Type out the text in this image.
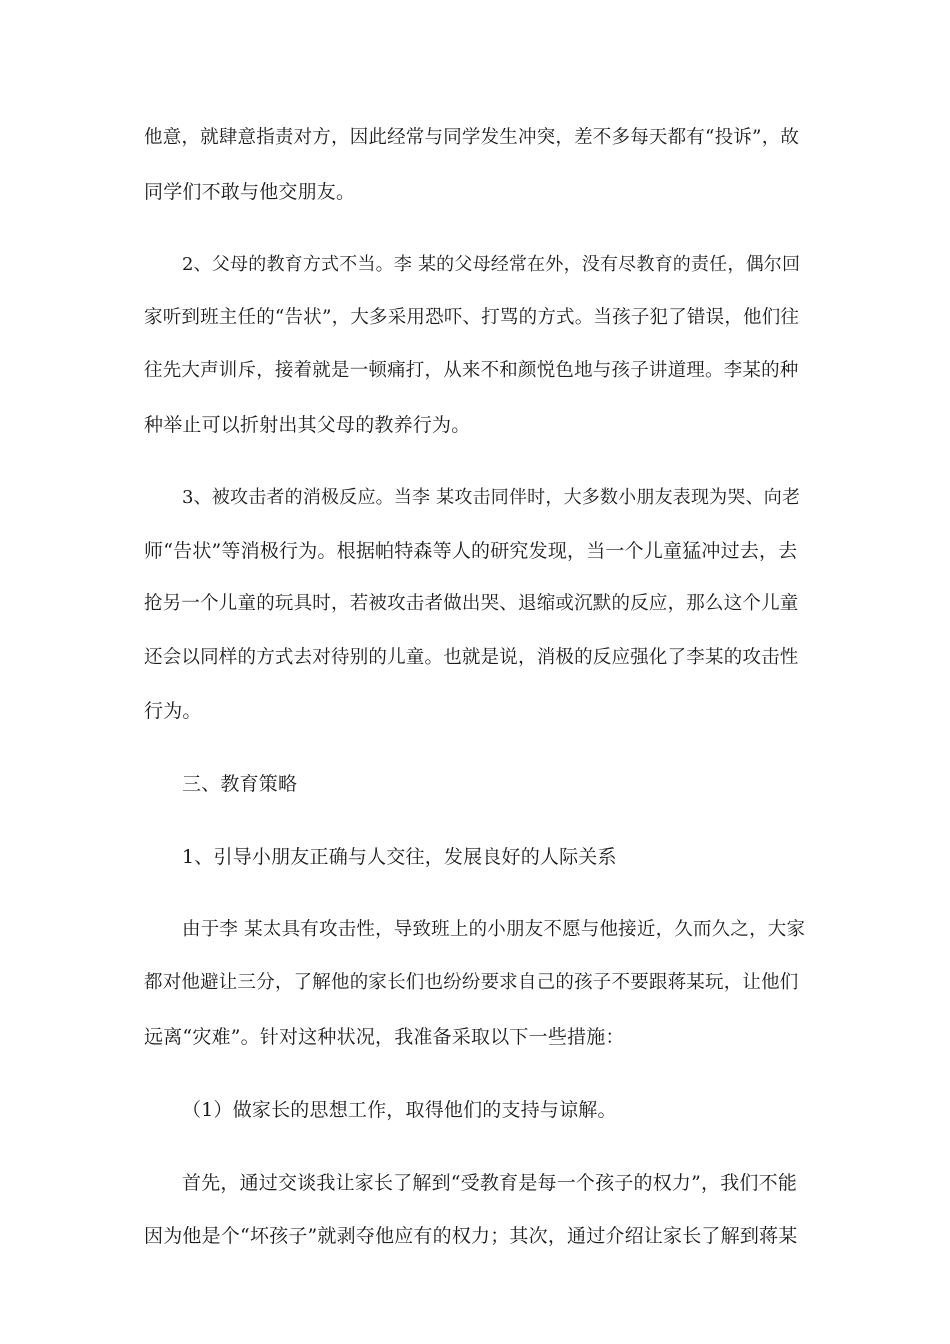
他意，就肆意指责对方，因此经常与同学发生冲突，差不多每天都有“投诉”，故
同学们不敢与他交朋友。
2、父母的教育方式不当。李 某的父母经常在外，没有尽教育的责任，偶尔回
家听到班主任的“告状”，大多采用恐吓、打骂的方式。当孩子犯了错误，他们往
往先大声训斥，接着就是一顿痛打，从来不和颜悦色地与孩子讲道理。李某的种
种举止可以折射出其父母的教养行为。
3、被攻击者的消极反应。当李 某攻击同伴时，大多数小朋友表现为哭、向老
师“告状”等消极行为。根据帕特森等人的研究发现，当一个儿童猛冲过去，去
抢另一个儿童的玩具时，若被攻击者做出哭、退缩或沉默的反应，那么这个儿童
还会以同样的方式去对待别的儿童。也就是说，消极的反应强化了李某的攻击性
行为。
三、教育策略
1、引导小朋友正确与人交往，发展良好的人际关系
由于李 某太具有攻击性，导致班上的小朋友不愿与他接近，久而久之，大家
都对他避让三分，了解他的家长们也纷纷要求自己的孩子不要跟蒋某玩，让他们
远离“灾难”。针对这种状况，我准备采取以下一些措施：
（1）做家长的思想工作，取得他们的支持与谅解。
首先，通过交谈我让家长了解到“受教育是每一个孩子的权力”，我们不能
因为他是个“坏孩子”就剥夺他应有的权力；其次，通过介绍让家长了解到蒋某
